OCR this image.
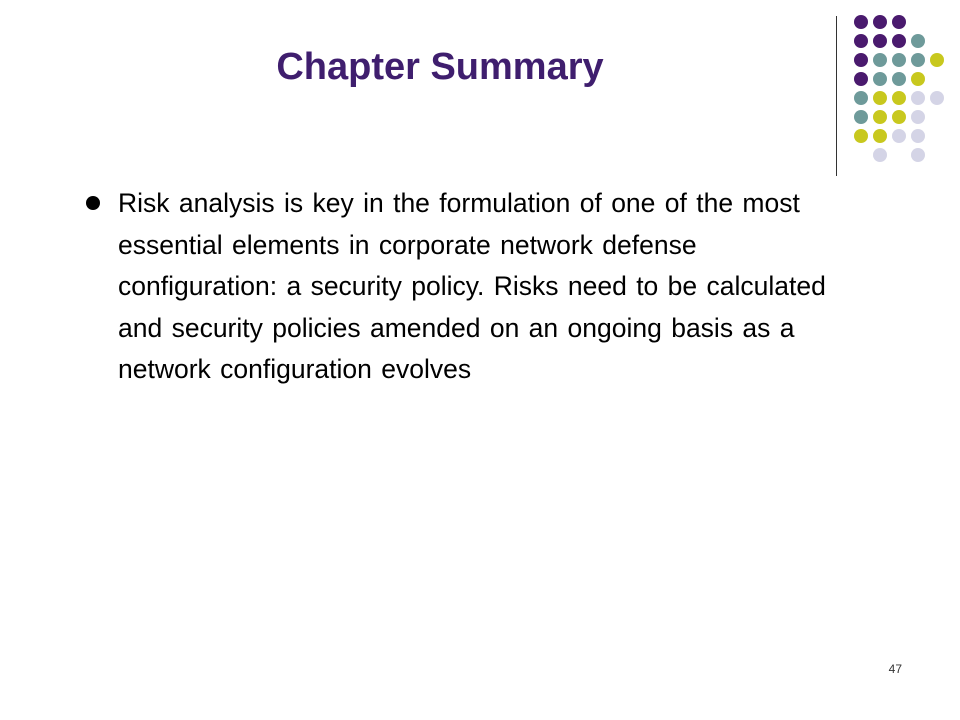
Chapter Summary
Risk analysis is key in the formulation of one of the most essential elements in corporate network defense configuration: a security policy. Risks need to be calculated and security policies amended on an ongoing basis as a network configuration evolves
47
